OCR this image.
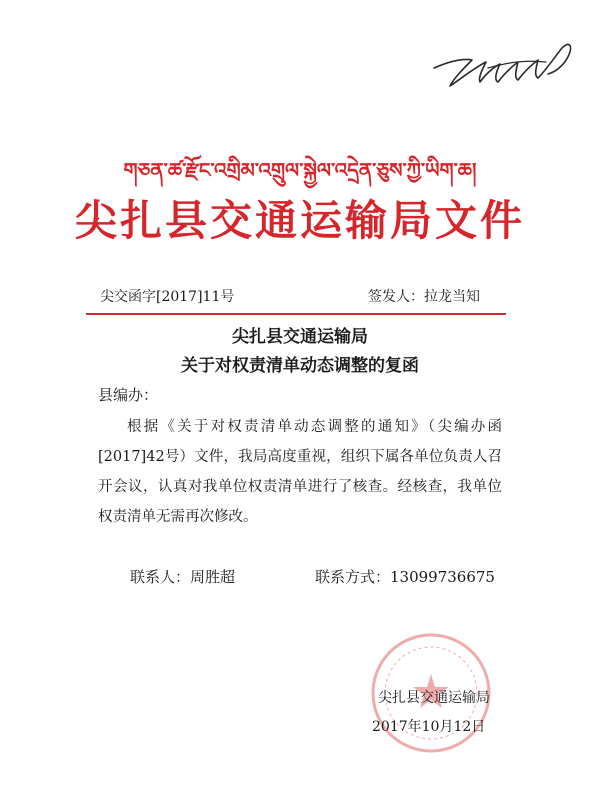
གཅན་ཚ་རྫོང་འགྲིམ་འགྲུལ་སྐྱེལ་འདྲེན་ཅུས་ཀྱི་ཡིག་ཆ།
尖扎县交通运输局文件
尖交函字[2017]11号	签发人：拉龙当知
尖扎县交通运输局
关于对权责清单动态调整的复函
县编办：
根据《关于对权责清单动态调整的通知》（尖编办函[2017]42号）文件，我局高度重视，组织下属各单位负责人召开会议，认真对我单位权责清单进行了核查。经核查，我单位权责清单无需再次修改。
联系人：周胜超	联系方式：13099736675
尖扎县交通运输局
2017年10月12日
